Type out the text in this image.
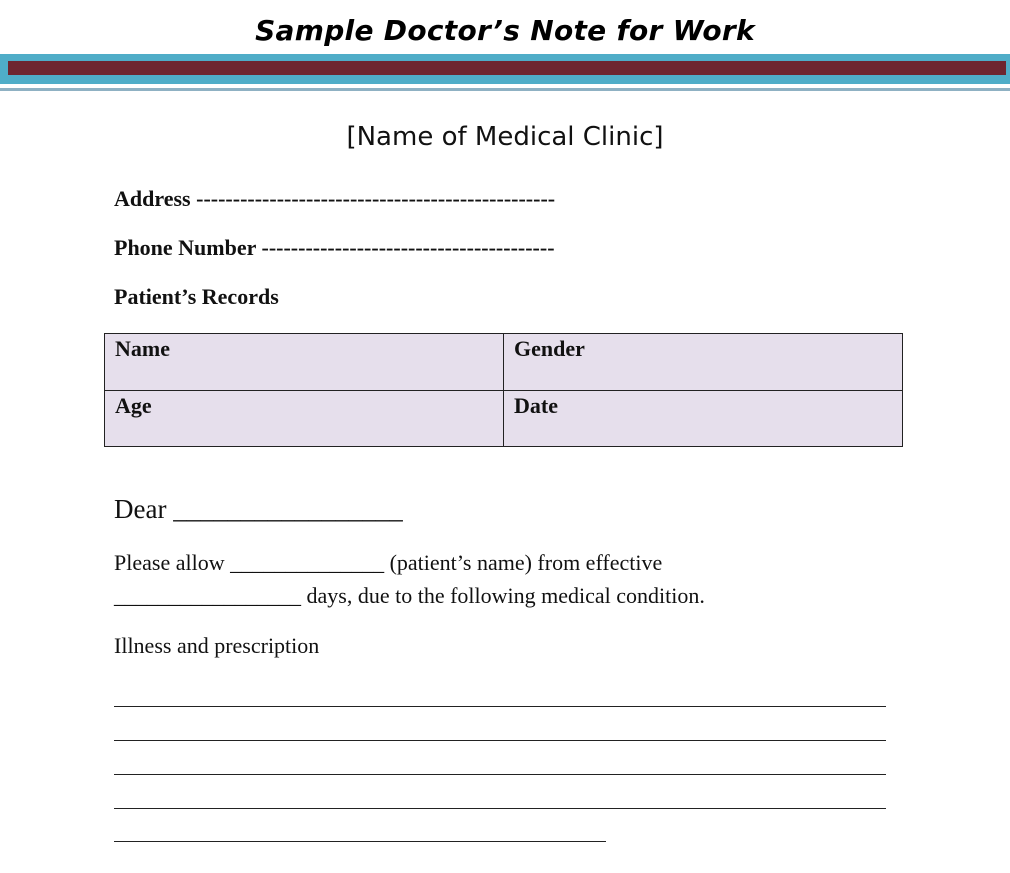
Sample Doctor’s Note for Work
[Name of Medical Clinic]
Address -------------------------------------------------
Phone Number ----------------------------------------
Patient’s Records
Name	Gender
Age	Date
Dear _________________
Please allow ______________ (patient’s name) from effective
_________________ days, due to the following medical condition.
Illness and prescription
